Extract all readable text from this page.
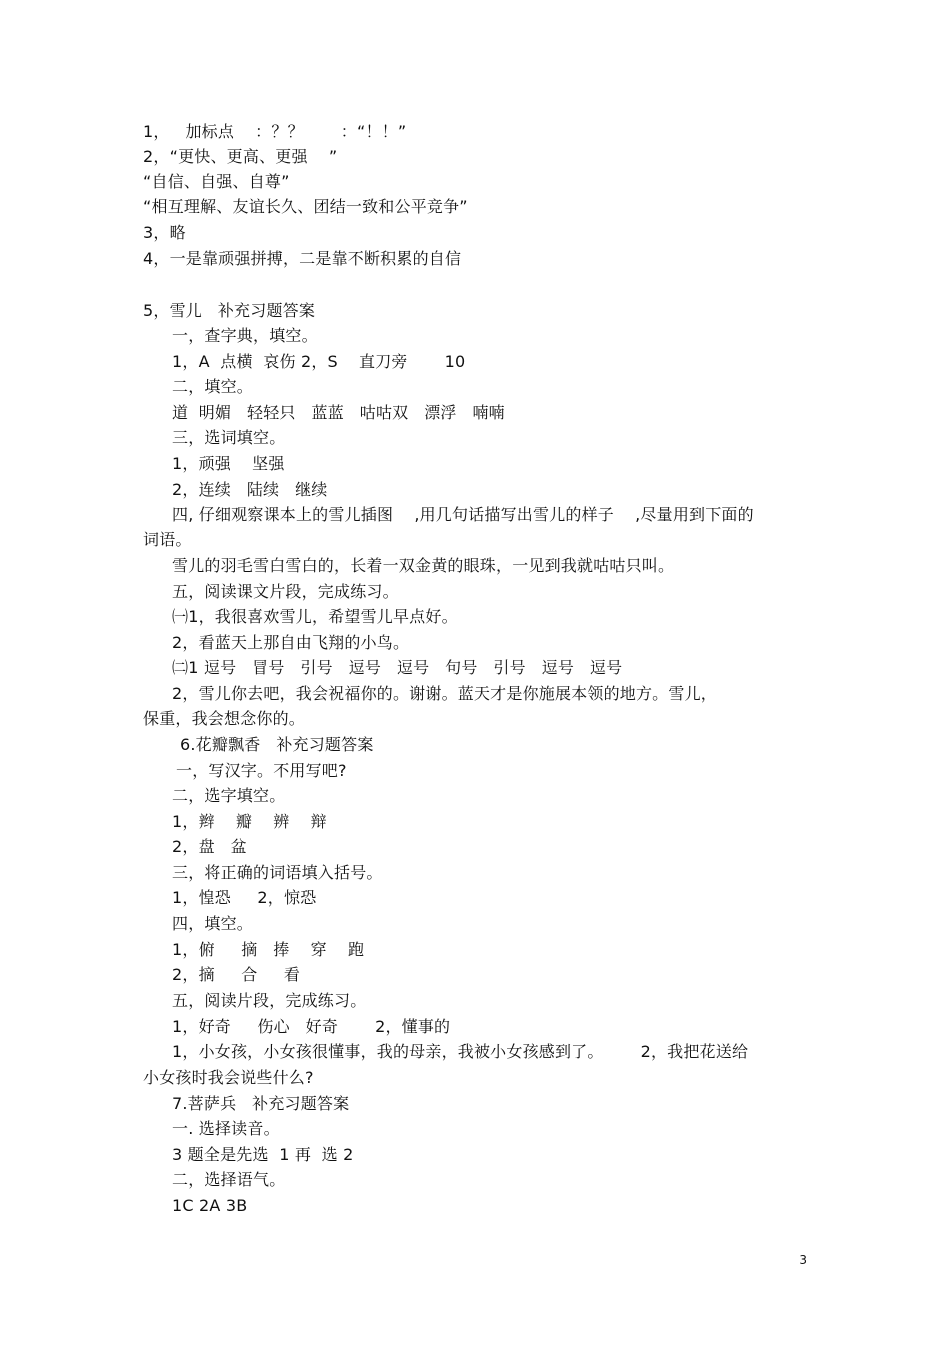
1，   加标点    ：？？       ：“！！”
2，“更快、更高、更强    ”
“自信、自强、自尊”
“相互理解、友谊长久、团结一致和公平竞争”
3，略
4，一是靠顽强拼搏，二是靠不断积累的自信
5，雪儿   补充习题答案
一，查字典，填空。
1，A  点横  哀伤 2，S    直刀旁       10
二，填空。
道  明媚   轻轻只   蓝蓝   咕咕双   漂浮   喃喃
三，选词填空。
1，顽强    坚强
2，连续   陆续   继续
四, 仔细观察课本上的雪儿插图    ,用几句话描写出雪儿的样子    ,尽量用到下面的
词语。
雪儿的羽毛雪白雪白的，长着一双金黄的眼珠，一见到我就咕咕只叫。
五，阅读课文片段，完成练习。
㈠1，我很喜欢雪儿，希望雪儿早点好。
2，看蓝天上那自由飞翔的小鸟。
㈡1 逗号   冒号   引号   逗号   逗号   句号   引号   逗号   逗号
2，雪儿你去吧，我会祝福你的。谢谢。蓝天才是你施展本领的地方。雪儿，
保重，我会想念你的。
6.花瓣飘香   补充习题答案
一，写汉字。不用写吧?
二，选字填空。
1，辫    瓣    辨    辩
2，盘   盆
三，将正确的词语填入括号。
1，惶恐     2，惊恐
四，填空。
1，俯     摘   捧    穿    跑
2，摘     合     看
五，阅读片段，完成练习。
1，好奇     伤心   好奇       2，懂事的
1，小女孩，小女孩很懂事，我的母亲，我被小女孩感到了。       2，我把花送给
小女孩时我会说些什么?
7.菩萨兵   补充习题答案
一. 选择读音。
3 题全是先选  1 再  选 2
二，选择语气。
1C 2A 3B
3
